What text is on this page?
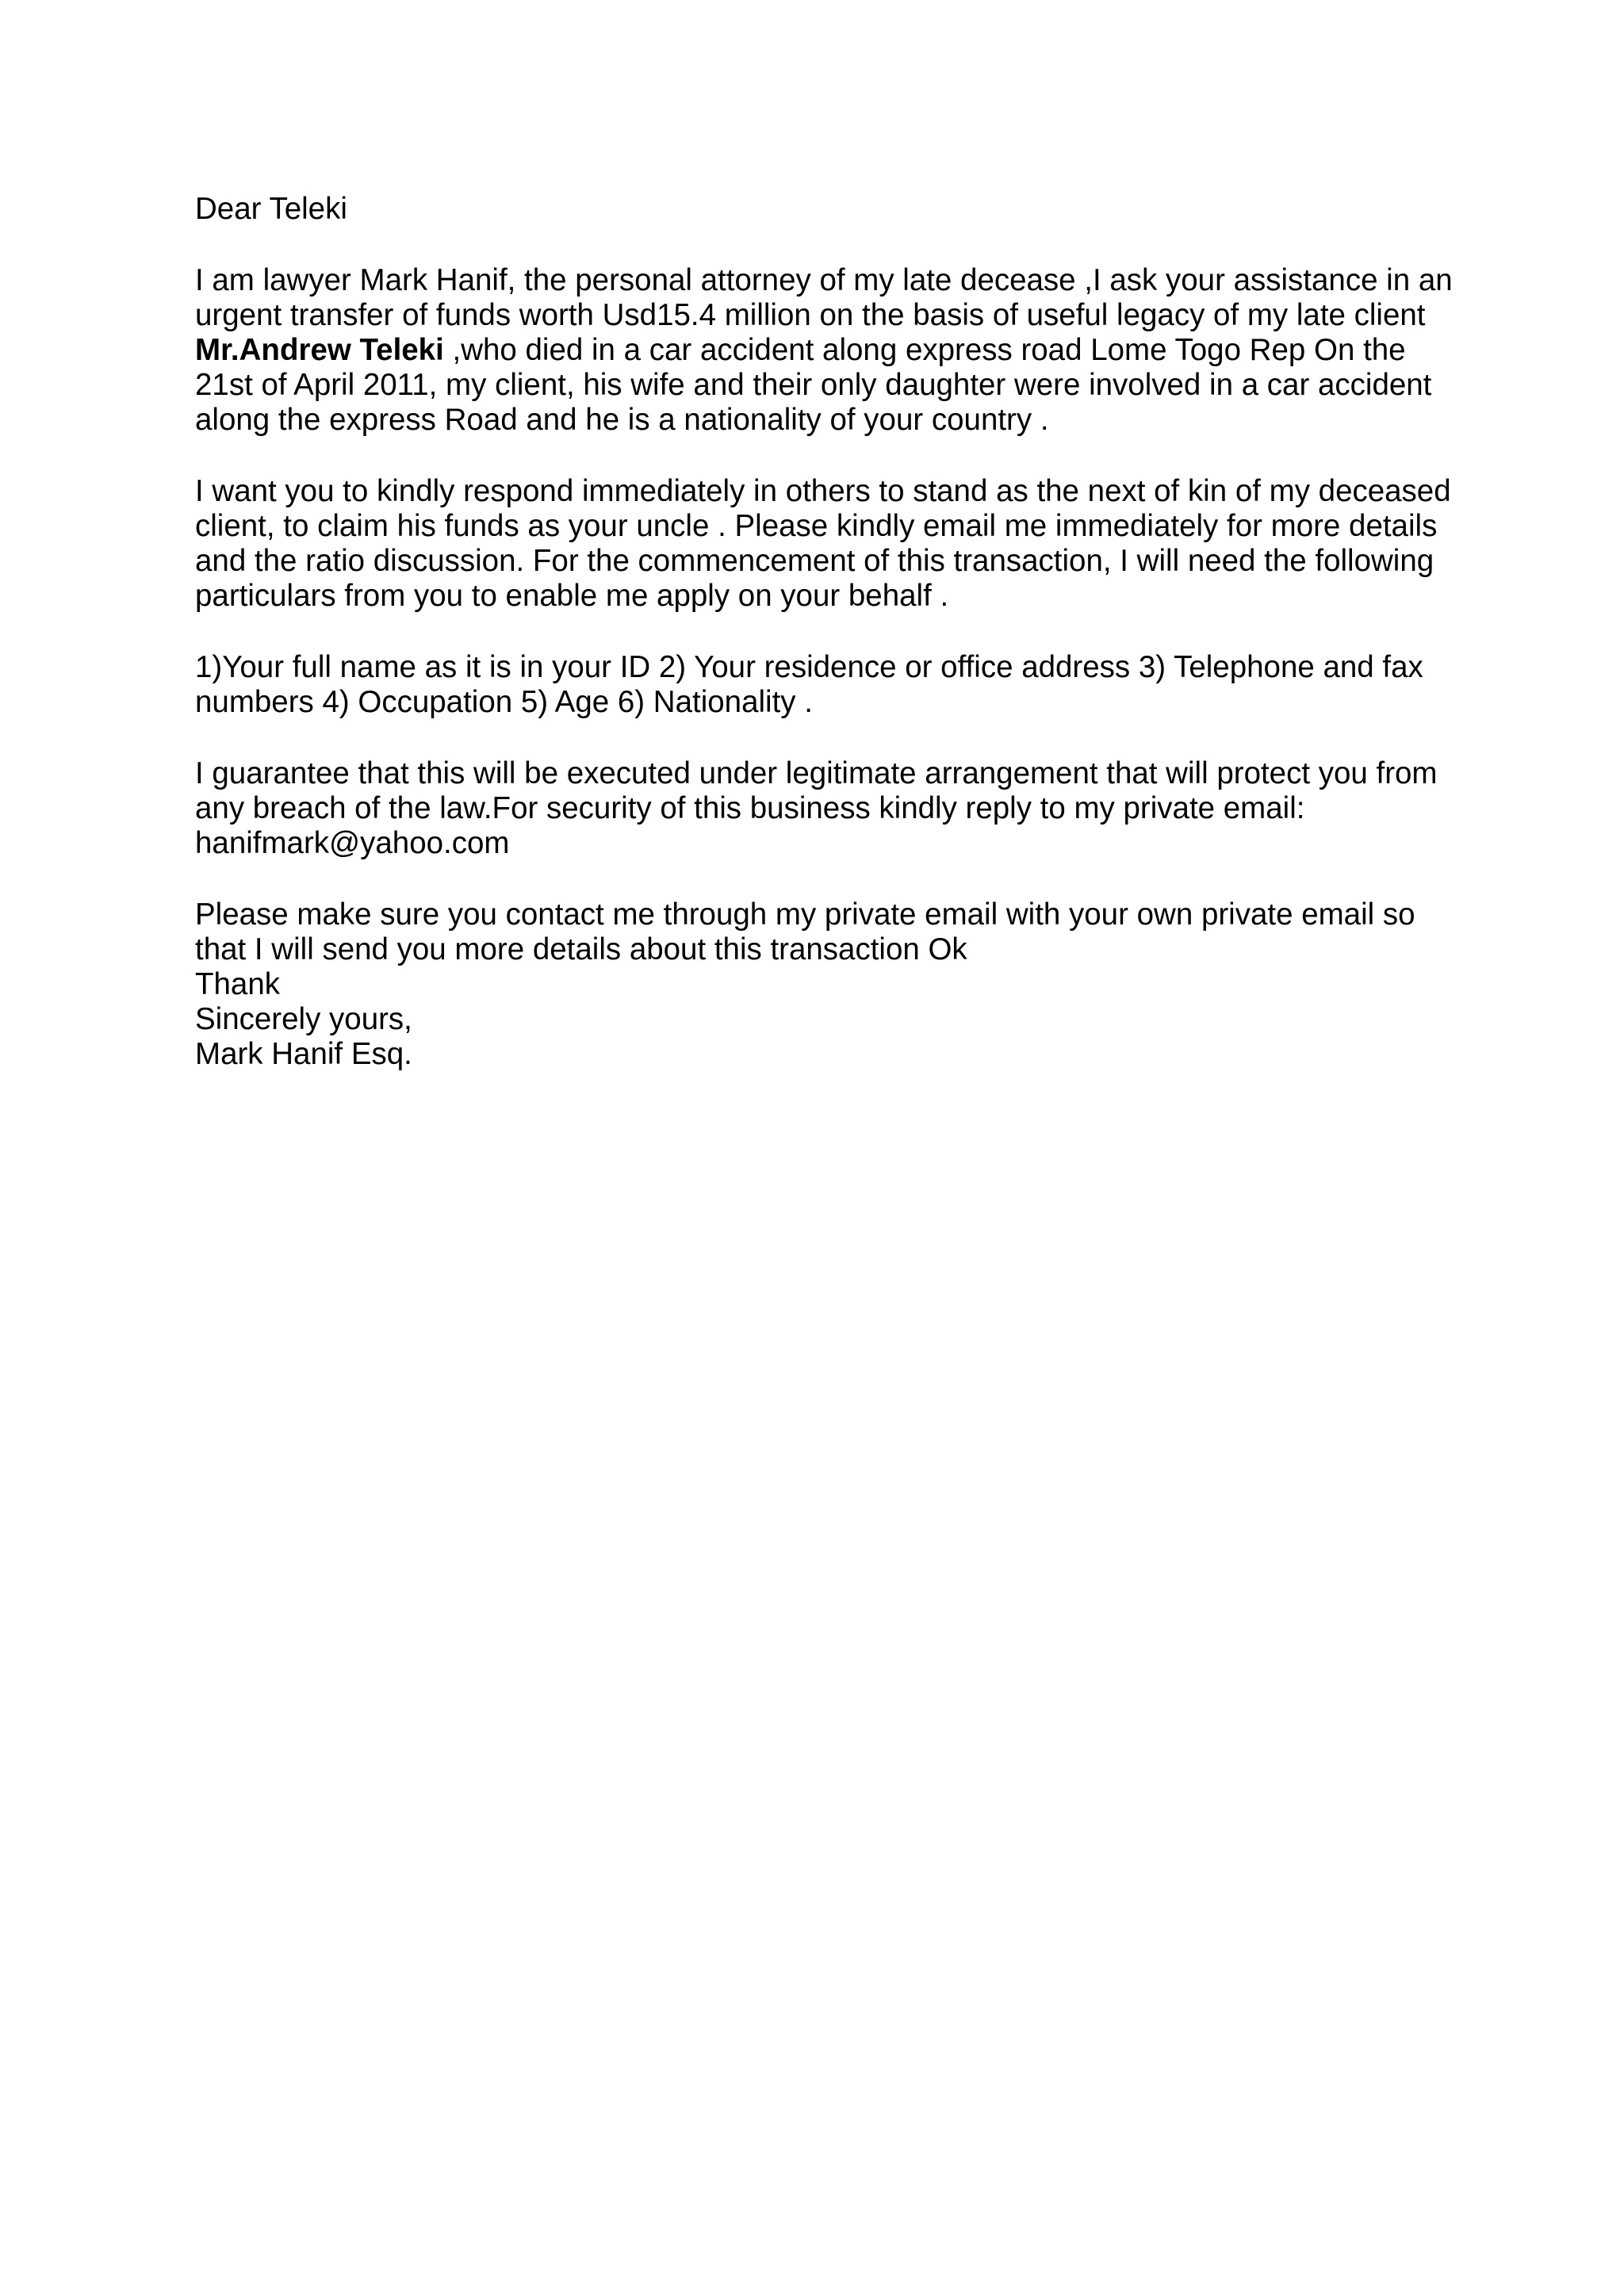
Dear Teleki

I am lawyer Mark Hanif, the personal attorney of my late decease ,I ask your assistance in an
urgent transfer of funds worth Usd15.4 million on the basis of useful legacy of my late client
Mr.Andrew Teleki ,who died in a car accident along express road Lome Togo Rep On the
21st of April 2011, my client, his wife and their only daughter were involved in a car accident
along the express Road and he is a nationality of your country .

I want you to kindly respond immediately in others to stand as the next of kin of my deceased
client, to claim his funds as your uncle . Please kindly email me immediately for more details
and the ratio discussion. For the commencement of this transaction, I will need the following
particulars from you to enable me apply on your behalf .

1)Your full name as it is in your ID 2) Your residence or office address 3) Telephone and fax
numbers 4) Occupation 5) Age 6) Nationality .

I guarantee that this will be executed under legitimate arrangement that will protect you from
any breach of the law.For security of this business kindly reply to my private email:
hanifmark@yahoo.com

Please make sure you contact me through my private email with your own private email so
that I will send you more details about this transaction Ok
Thank
Sincerely yours,
Mark Hanif Esq.
